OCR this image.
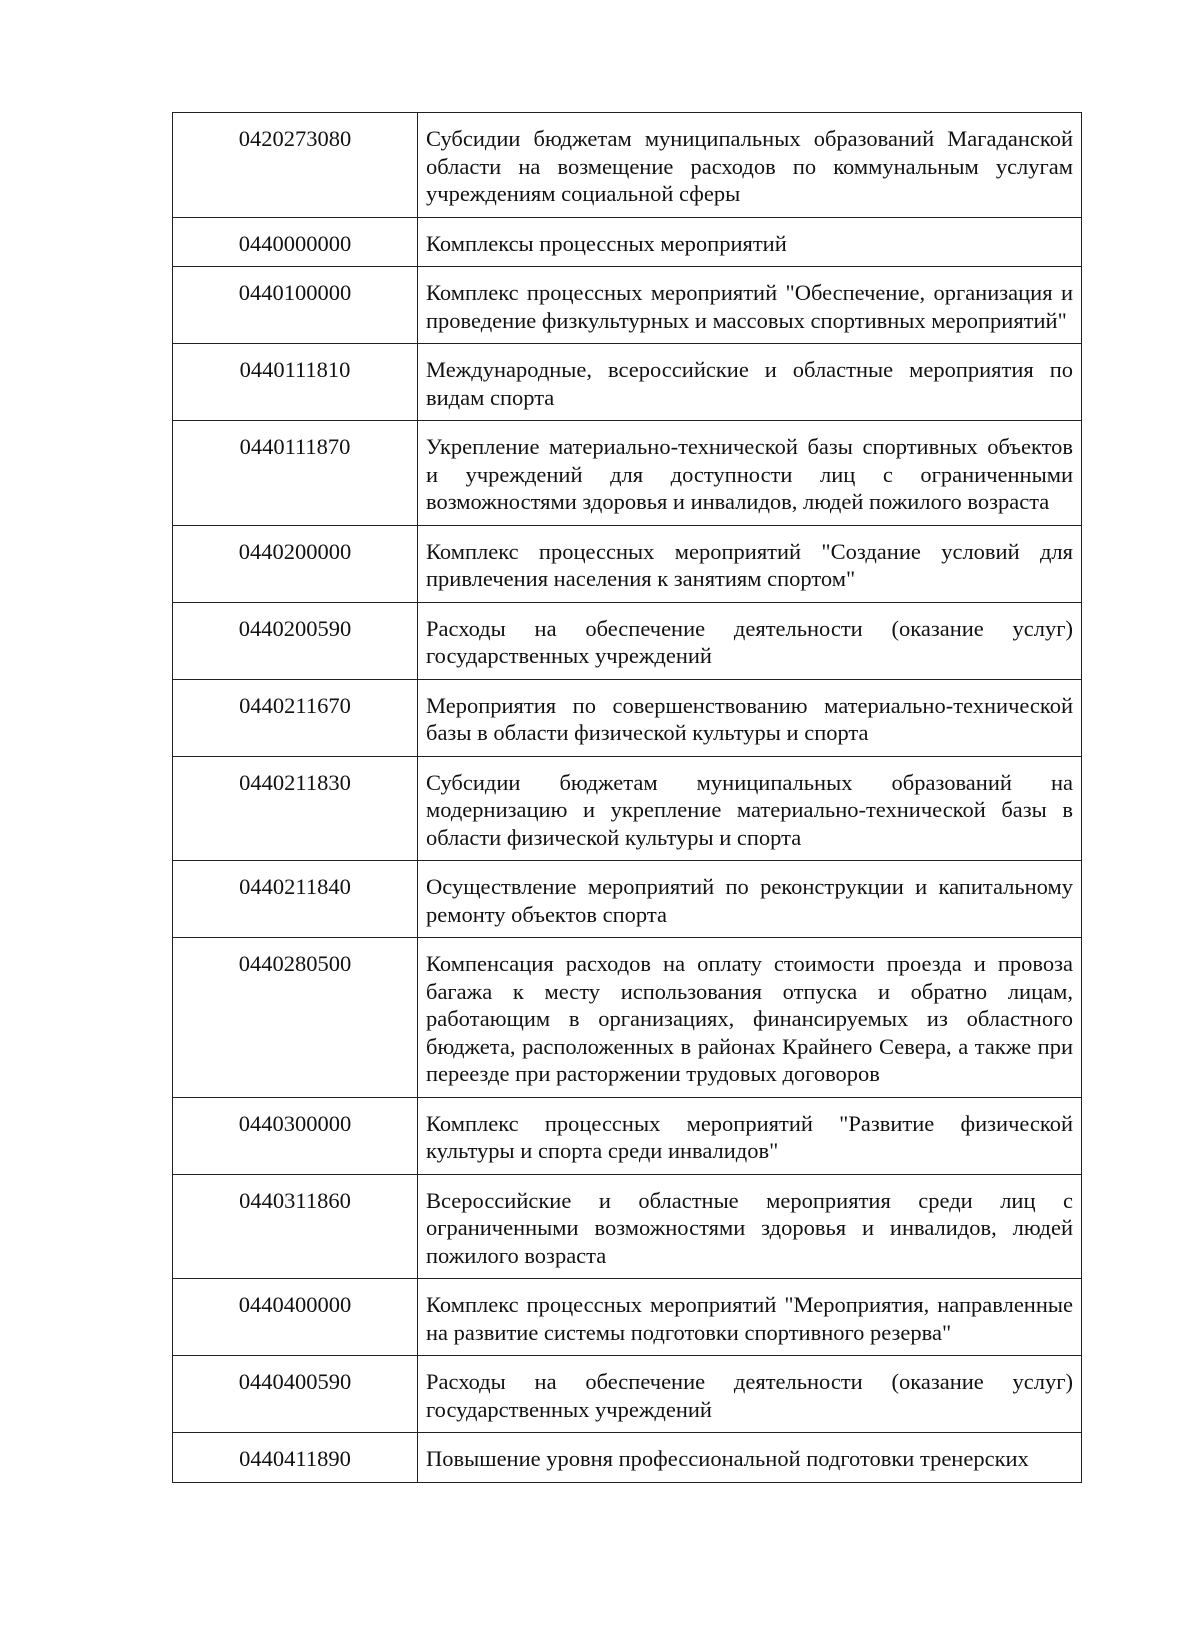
0420273080	Субсидии бюджетам муниципальных образований Магаданской области на возмещение расходов по коммунальным услугам учреждениям социальной сферы
0440000000	Комплексы процессных мероприятий
0440100000	Комплекс процессных мероприятий "Обеспечение, организация и проведение физкультурных и массовых спортивных мероприятий"
0440111810	Международные, всероссийские и областные мероприятия по видам спорта
0440111870	Укрепление материально-технической базы спортивных объектов и учреждений для доступности лиц с ограниченными возможностями здоровья и инвалидов, людей пожилого возраста
0440200000	Комплекс процессных мероприятий "Создание условий для привлечения населения к занятиям спортом"
0440200590	Расходы на обеспечение деятельности (оказание услуг) государственных учреждений
0440211670	Мероприятия по совершенствованию материально-технической базы в области физической культуры и спорта
0440211830	Субсидии бюджетам муниципальных образований на модернизацию и укрепление материально-технической базы в области физической культуры и спорта
0440211840	Осуществление мероприятий по реконструкции и капитальному ремонту объектов спорта
0440280500	Компенсация расходов на оплату стоимости проезда и провоза багажа к месту использования отпуска и обратно лицам, работающим в организациях, финансируемых из областного бюджета, расположенных в районах Крайнего Севера, а также при переезде при расторжении трудовых договоров
0440300000	Комплекс процессных мероприятий "Развитие физической культуры и спорта среди инвалидов"
0440311860	Всероссийские и областные мероприятия среди лиц с ограниченными возможностями здоровья и инвалидов, людей пожилого возраста
0440400000	Комплекс процессных мероприятий "Мероприятия, направленные на развитие системы подготовки спортивного резерва"
0440400590	Расходы на обеспечение деятельности (оказание услуг) государственных учреждений
0440411890	Повышение уровня профессиональной подготовки тренерских
